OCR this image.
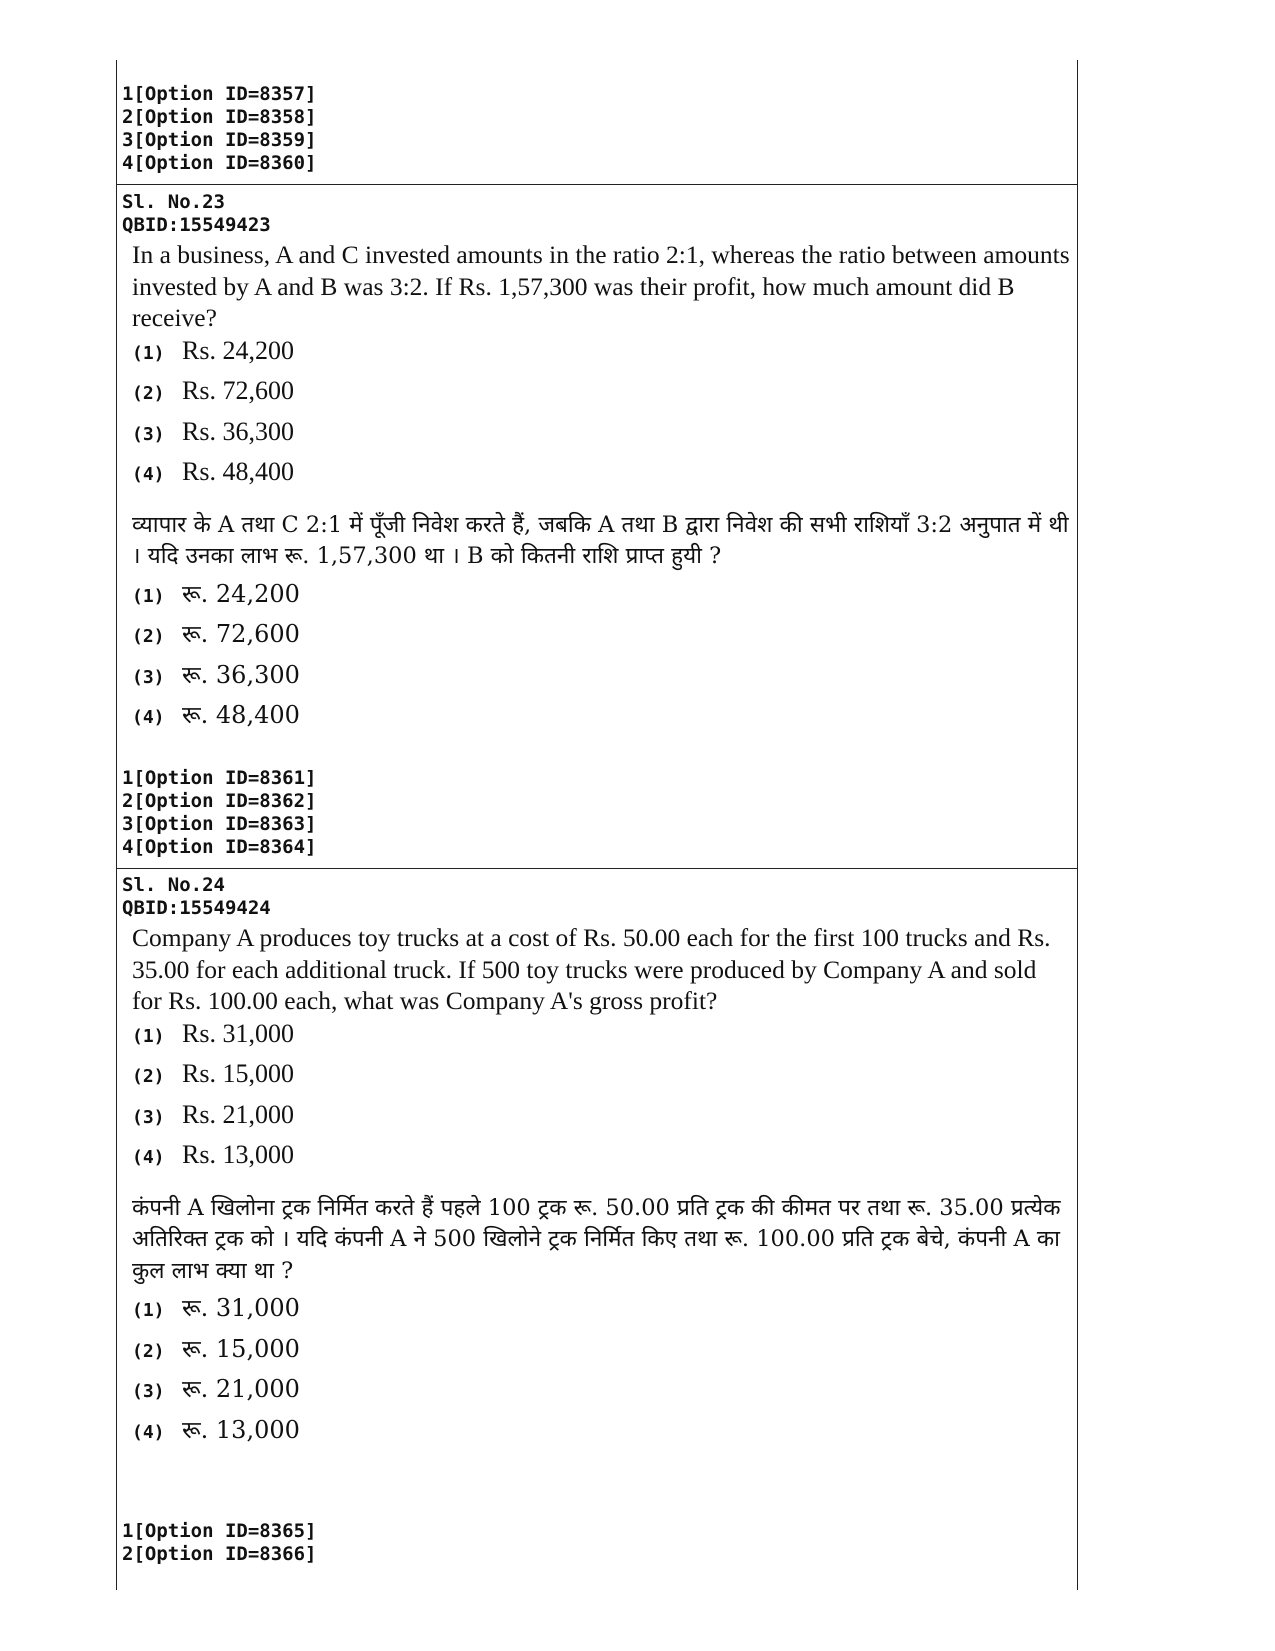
1[Option ID=8357]
2[Option ID=8358]
3[Option ID=8359]
4[Option ID=8360]
Sl. No.23
QBID:15549423
In a business, A and C invested amounts in the ratio 2:1, whereas the ratio between amounts invested by A and B was 3:2. If Rs. 1,57,300 was their profit, how much amount did B receive?
(1) Rs. 24,200
(2) Rs. 72,600
(3) Rs. 36,300
(4) Rs. 48,400
व्यापार के A तथा C 2:1 में पूँजी निवेश करते हैं, जबकि A तथा B द्वारा निवेश की सभी राशियाँ 3:2 अनुपात में थी । यदि उनका लाभ रू. 1,57,300 था । B को कितनी राशि प्राप्त हुयी ?
(1) रू. 24,200
(2) रू. 72,600
(3) रू. 36,300
(4) रू. 48,400
1[Option ID=8361]
2[Option ID=8362]
3[Option ID=8363]
4[Option ID=8364]
Sl. No.24
QBID:15549424
Company A produces toy trucks at a cost of Rs. 50.00 each for the first 100 trucks and Rs. 35.00 for each additional truck. If 500 toy trucks were produced by Company A and sold for Rs. 100.00 each, what was Company A's gross profit?
(1) Rs. 31,000
(2) Rs. 15,000
(3) Rs. 21,000
(4) Rs. 13,000
कंपनी A खिलोना ट्रक निर्मित करते हैं पहले 100 ट्रक रू. 50.00 प्रति ट्रक की कीमत पर तथा रू. 35.00 प्रत्येक अतिरिक्त ट्रक को । यदि कंपनी A ने 500 खिलोने ट्रक निर्मित किए तथा रू. 100.00 प्रति ट्रक बेचे, कंपनी A का कुल लाभ क्या था ?
(1) रू. 31,000
(2) रू. 15,000
(3) रू. 21,000
(4) रू. 13,000
1[Option ID=8365]
2[Option ID=8366]
